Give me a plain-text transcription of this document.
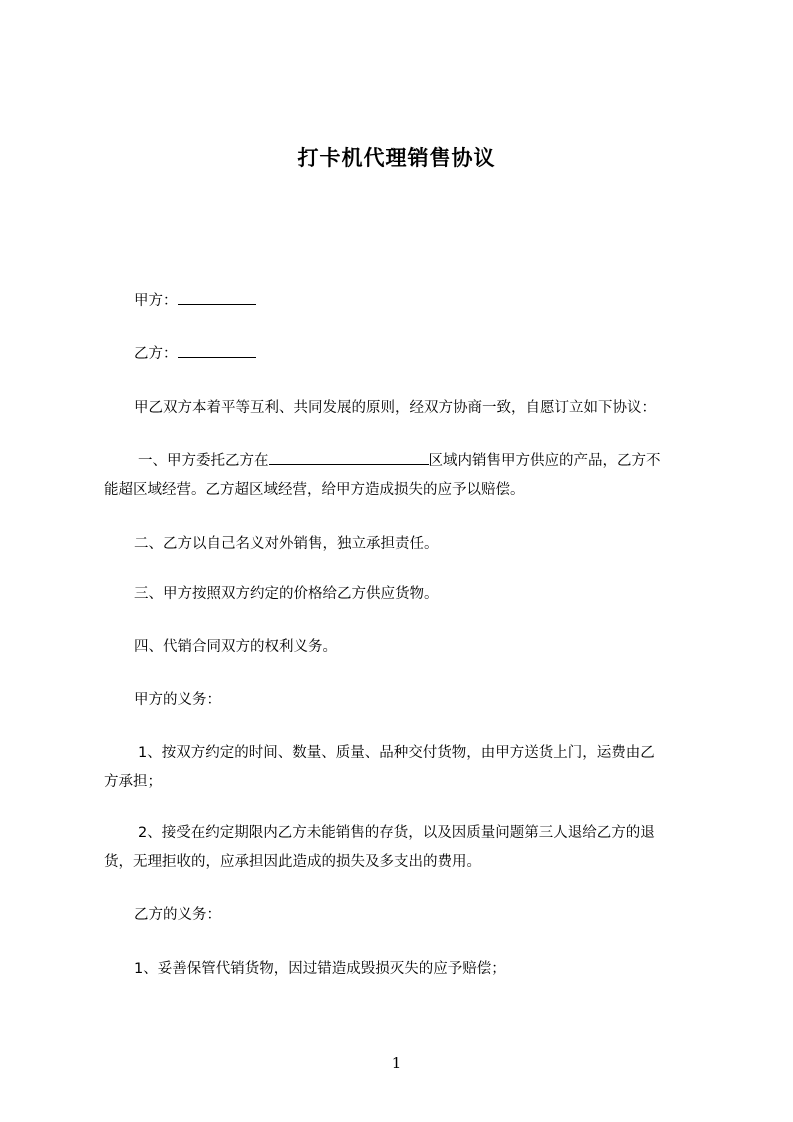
打卡机代理销售协议
甲方：
乙方：
甲乙双方本着平等互利、共同发展的原则，经双方协商一致，自愿订立如下协议：
一、甲方委托乙方在	区域内销售甲方供应的产品，乙方不
能超区域经营。乙方超区域经营，给甲方造成损失的应予以赔偿。
二、乙方以自己名义对外销售，独立承担责任。
三、甲方按照双方约定的价格给乙方供应货物。
四、代销合同双方的权利义务。
甲方的义务：
1、按双方约定的时间、数量、质量、品种交付货物，由甲方送货上门，运费由乙
方承担；
2、接受在约定期限内乙方未能销售的存货，以及因质量问题第三人退给乙方的退
货，无理拒收的，应承担因此造成的损失及多支出的费用。
乙方的义务：
1、妥善保管代销货物，因过错造成毁损灭失的应予赔偿；
1
